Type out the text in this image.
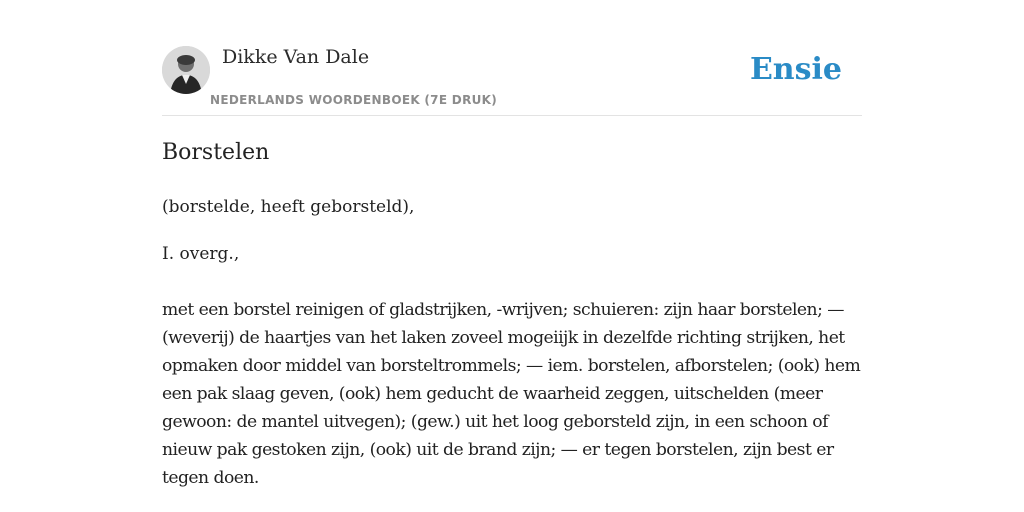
Dikke Van Dale
NEDERLANDS WOORDENBOEK (7E DRUK)
Ensie
Borstelen

(borstelde, heeft geborsteld),

I. overg.,

met een borstel reinigen of gladstrijken, -wrijven; schuieren: zijn haar borstelen; — (weverij) de haartjes van het laken zoveel mogeiijk in dezelfde richting strijken, het opmaken door middel van borsteltrommels; — iem. borstelen, afborstelen; (ook) hem een pak slaag geven, (ook) hem geducht de waarheid zeggen, uitschelden (meer gewoon: de mantel uitvegen); (gew.) uit het loog geborsteld zijn, in een schoon of nieuw pak gestoken zijn, (ook) uit de brand zijn; — er tegen borstelen, zijn best er tegen doen.
